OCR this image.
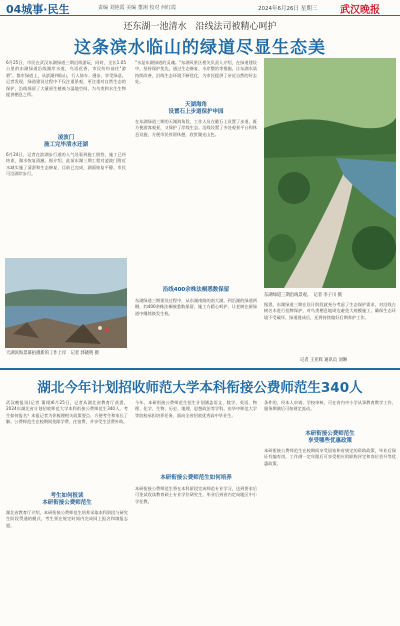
04城事·民生	责编 刘艳霞 美编 董翊 校对 何红霞	2024年6月26日 星期三 武汉晚报
还东湖一池清水　沿线法司被精心呵护
这条滨水临山的绿道尽显生态美
6月25日，市民在武汉东湖绿道三期沿线游玩，同时，全长1.05公里的东湖绿道沿线湖岸水道，鸟语花香，市民纷纷前往"游碧"。都市绿道上，从滨湖到临山，行人骑车、漫步，享受绿意。记者发现，绿道建设过程中不仅注重景观，更注重对自然生态的保护，沿线保留了大量原生植被与湿地空间，为鸟类和水生生物提供栖息之所。
凌波门
施工完毕清水还湖
6月24日，记者在滨湖步行道的入气处看到施工围挡，施工已经结束，湖水恢复清澈。据介绍，此前东湖三期工程对凌波门附近水域实施了清淤和生态修复，目前已完成，湖面恢复平静，市民可沿湖岸步行。
天湖滨海景幕拍摄新的工作上岸　记者 郭晓明 摄
"水是东湖绿道的灵魂。"东湖风景区相关负责人介绍，在绿道建设中，坚持保护优先，通过生态修复、水岸整治等措施，让东湖水质持续改善，沿线生态环境不断优化，为市民提供了亲近自然的好去处。
天湖海角
设置石上步道保护申园
在东湖绿道三期的天湖海角段，工作人员在礁石上设置了步道，既方便游客观景，又保护了岸线生态。沿线设置了多处观景平台和休息设施，方便市民停留休憩，欣赏湖光山色。
沿线400余株法桐悉数保留
东湖绿道三期建设过程中，从东湖南路的南大湖，到沿湖的绿道两侧，约400余株法桐被悉数保留，施工方精心呵护，让老树在新绿道中继续焕发生机。
东湖绿道三期沿线景观。　记者 李子川 摄
据悉，东湖绿道三期在设计阶段就充分考虑了生态保护需求，对沿线古树名木进行挂牌保护，对鸟类栖息地周边避免大规模施工，确保生态环境不受破坏。绿道建成后，还将持续做好后期养护工作。
记者 王亚辉 通讯员 刘琳
湖北今年计划招收师范大学本科衔接公费师范生340人
武汉晚报讯(记者 董翊)6月25日，记者从湖北省教育厅获悉，2024年湖北省计划招收师范大学本科衔接公费师范生340人。考生如何报名？本报记者为你梳理相关政策要点，方便考生和家长了解。公费师范生在校期间免除学费、住宿费，并享受生活费补助。
考生如何报读
本研衔接公费师范生
湖北省教育厅介绍，本研衔接公费师范生培养采取本科阶段与研究生阶段贯通的模式，考生须在规定时间内完成网上报名和填报志愿。
今年，本研衔接公费师范生招生计划涵盖语文、数学、英语、物理、化学、生物、历史、地理、思想政治等学科，由华中师范大学等院校承担培养任务，面向全省招收优秀高中毕业生。
本研衔接公费师范生如何培养
本研衔接公费师范生将在本科阶段完成师范专业学习，达到要求后可免试攻读教育硕士专业学位研究生，毕业后到省内定向地区中小学任教。
条件的，经本人申请、学校审核，可在省内中小学从事教育教学工作，服务期满后可按规定流动。
本研衔接公费师范生
享受哪些优惠政策
本研衔接公费师范生在校期间享受国家和省规定的资助政策，毕业后保证有编有岗，工作满一定年限后可享受相应的职称评定和岗位晋升等优惠政策。
